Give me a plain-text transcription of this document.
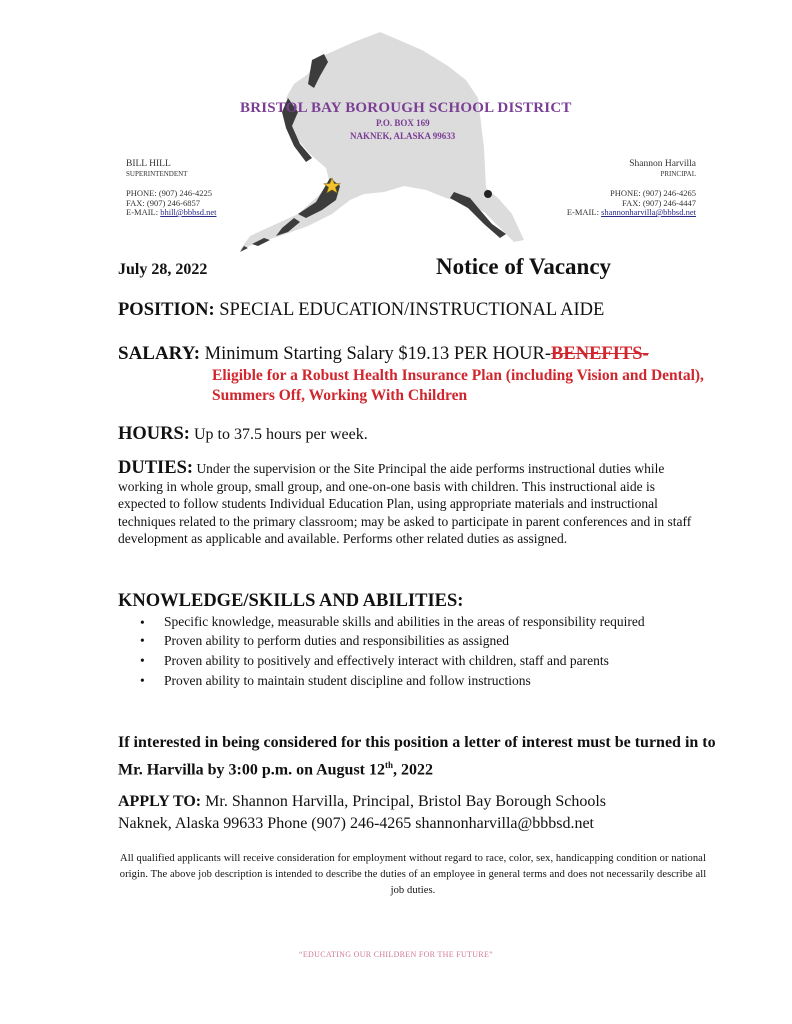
BRISTOL BAY BOROUGH SCHOOL DISTRICT
P.O. BOX 169
NAKNEK, ALASKA 99633
BILL HILL
SUPERINTENDENT
PHONE: (907) 246-4225
FAX: (907) 246-6857
E-MAIL: bhill@bbbsd.net
Shannon Harvilla
PRINCIPAL
PHONE: (907) 246-4265
FAX: (907) 246-4447
E-MAIL: shannonharvilla@bbbsd.net
July 28, 2022	Notice of Vacancy
POSITION: SPECIAL EDUCATION/INSTRUCTIONAL AIDE
SALARY: Minimum Starting Salary $19.13 PER HOUR-BENEFITS-
Eligible for a Robust Health Insurance Plan (including Vision and Dental), Summers Off, Working With Children
HOURS: Up to 37.5 hours per week.
DUTIES: Under the supervision or the Site Principal the aide performs instructional duties while working in whole group, small group, and one-on-one basis with children. This instructional aide is expected to follow students Individual Education Plan, using appropriate materials and instructional techniques related to the primary classroom; may be asked to participate in parent conferences and in staff development as applicable and available. Performs other related duties as assigned.
KNOWLEDGE/SKILLS AND ABILITIES:
• Specific knowledge, measurable skills and abilities in the areas of responsibility required
• Proven ability to perform duties and responsibilities as assigned
• Proven ability to positively and effectively interact with children, staff and parents
• Proven ability to maintain student discipline and follow instructions
If interested in being considered for this position a letter of interest must be turned in to Mr. Harvilla by 3:00 p.m. on August 12th, 2022
APPLY TO: Mr. Shannon Harvilla, Principal, Bristol Bay Borough Schools
Naknek, Alaska 99633 Phone (907) 246-4265 shannonharvilla@bbbsd.net
All qualified applicants will receive consideration for employment without regard to race, color, sex, handicapping condition or national origin. The above job description is intended to describe the duties of an employee in general terms and does not necessarily describe all job duties.
“EDUCATING OUR CHILDREN FOR THE FUTURE”
